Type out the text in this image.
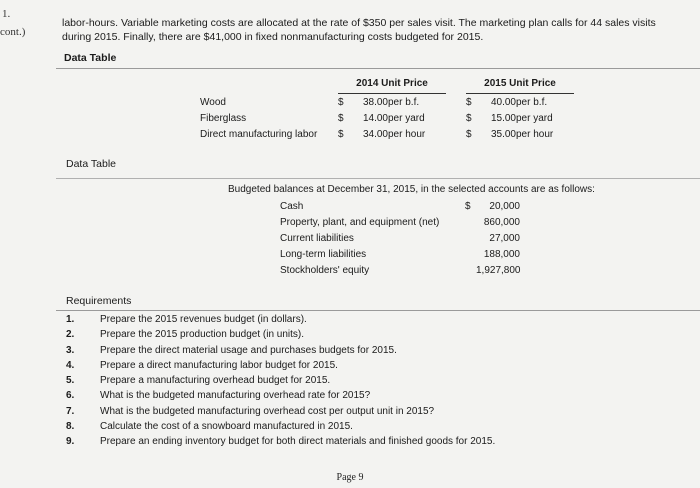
1.
cont.)
labor-hours. Variable marketing costs are allocated at the rate of $350 per sales visit. The marketing plan calls for 44 sales visits during 2015. Finally, there are $41,000 in fixed nonmanufacturing costs budgeted for 2015.
Data Table
	2014 Unit Price				2015 Unit Price		
Wood	$	38.00	per b.f.		$	40.00	per b.f.
Fiberglass	$	14.00	per yard		$	15.00	per yard
Direct manufacturing labor	$	34.00	per hour		$	35.00	per hour
Data Table
Budgeted balances at December 31, 2015, in the selected accounts are as follows:
Cash	$	20,000
Property, plant, and equipment (net)	860,000
Current liabilities	27,000
Long-term liabilities	188,000
Stockholders' equity	1,927,800
Requirements
1.	Prepare the 2015 revenues budget (in dollars).
2.	Prepare the 2015 production budget (in units).
3.	Prepare the direct material usage and purchases budgets for 2015.
4.	Prepare a direct manufacturing labor budget for 2015.
5.	Prepare a manufacturing overhead budget for 2015.
6.	What is the budgeted manufacturing overhead rate for 2015?
7.	What is the budgeted manufacturing overhead cost per output unit in 2015?
8.	Calculate the cost of a snowboard manufactured in 2015.
9.	Prepare an ending inventory budget for both direct materials and finished goods for 2015.
Page 9
